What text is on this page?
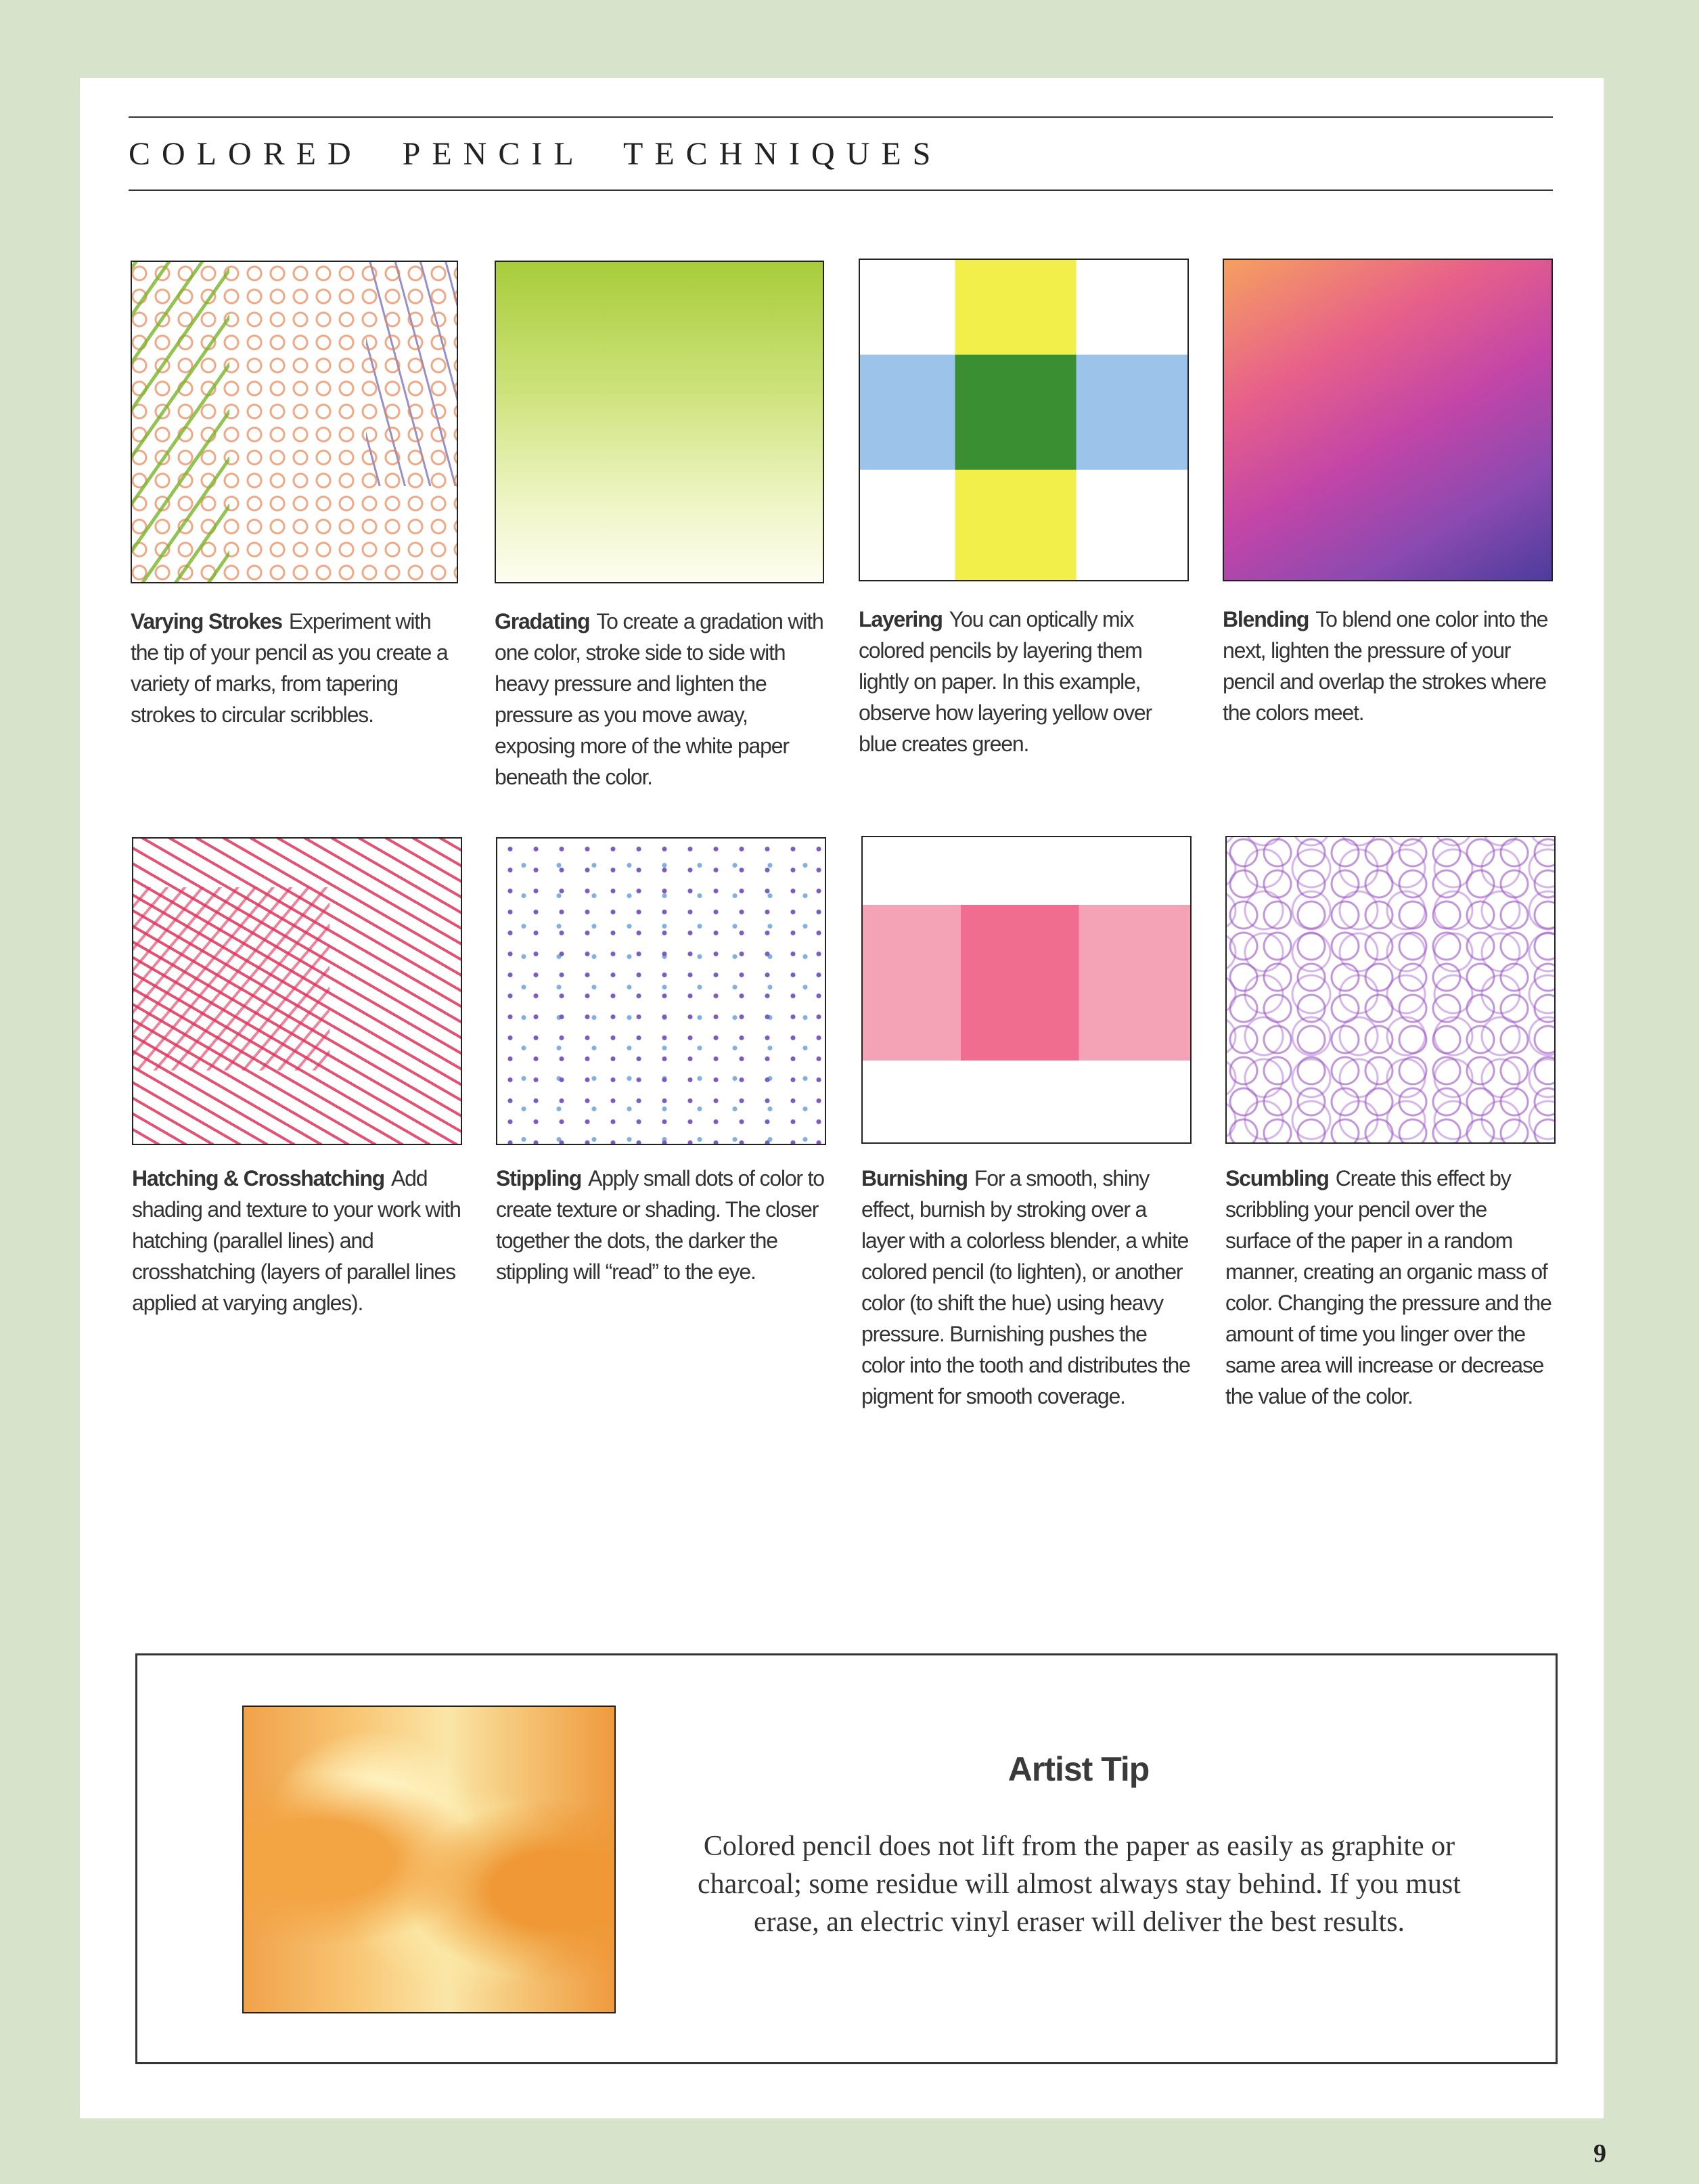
COLORED PENCIL TECHNIQUES
Varying Strokes Experiment with the tip of your pencil as you create a variety of marks, from tapering strokes to circular scribbles.
Gradating To create a gradation with one color, stroke side to side with heavy pressure and lighten the pressure as you move away, exposing more of the white paper beneath the color.
Layering You can optically mix colored pencils by layering them lightly on paper. In this example, observe how layering yellow over blue creates green.
Blending To blend one color into the next, lighten the pressure of your pencil and overlap the strokes where the colors meet.
Hatching & Crosshatching Add shading and texture to your work with hatching (parallel lines) and crosshatching (layers of parallel lines applied at varying angles).
Stippling Apply small dots of color to create texture or shading. The closer together the dots, the darker the stippling will “read” to the eye.
Burnishing For a smooth, shiny effect, burnish by stroking over a layer with a colorless blender, a white colored pencil (to lighten), or another color (to shift the hue) using heavy pressure. Burnishing pushes the color into the tooth and distributes the pigment for smooth coverage.
Scumbling Create this effect by scribbling your pencil over the surface of the paper in a random manner, creating an organic mass of color. Changing the pressure and the amount of time you linger over the same area will increase or decrease the value of the color.
Artist Tip
Colored pencil does not lift from the paper as easily as graphite or charcoal; some residue will almost always stay behind. If you must erase, an electric vinyl eraser will deliver the best results.
9
